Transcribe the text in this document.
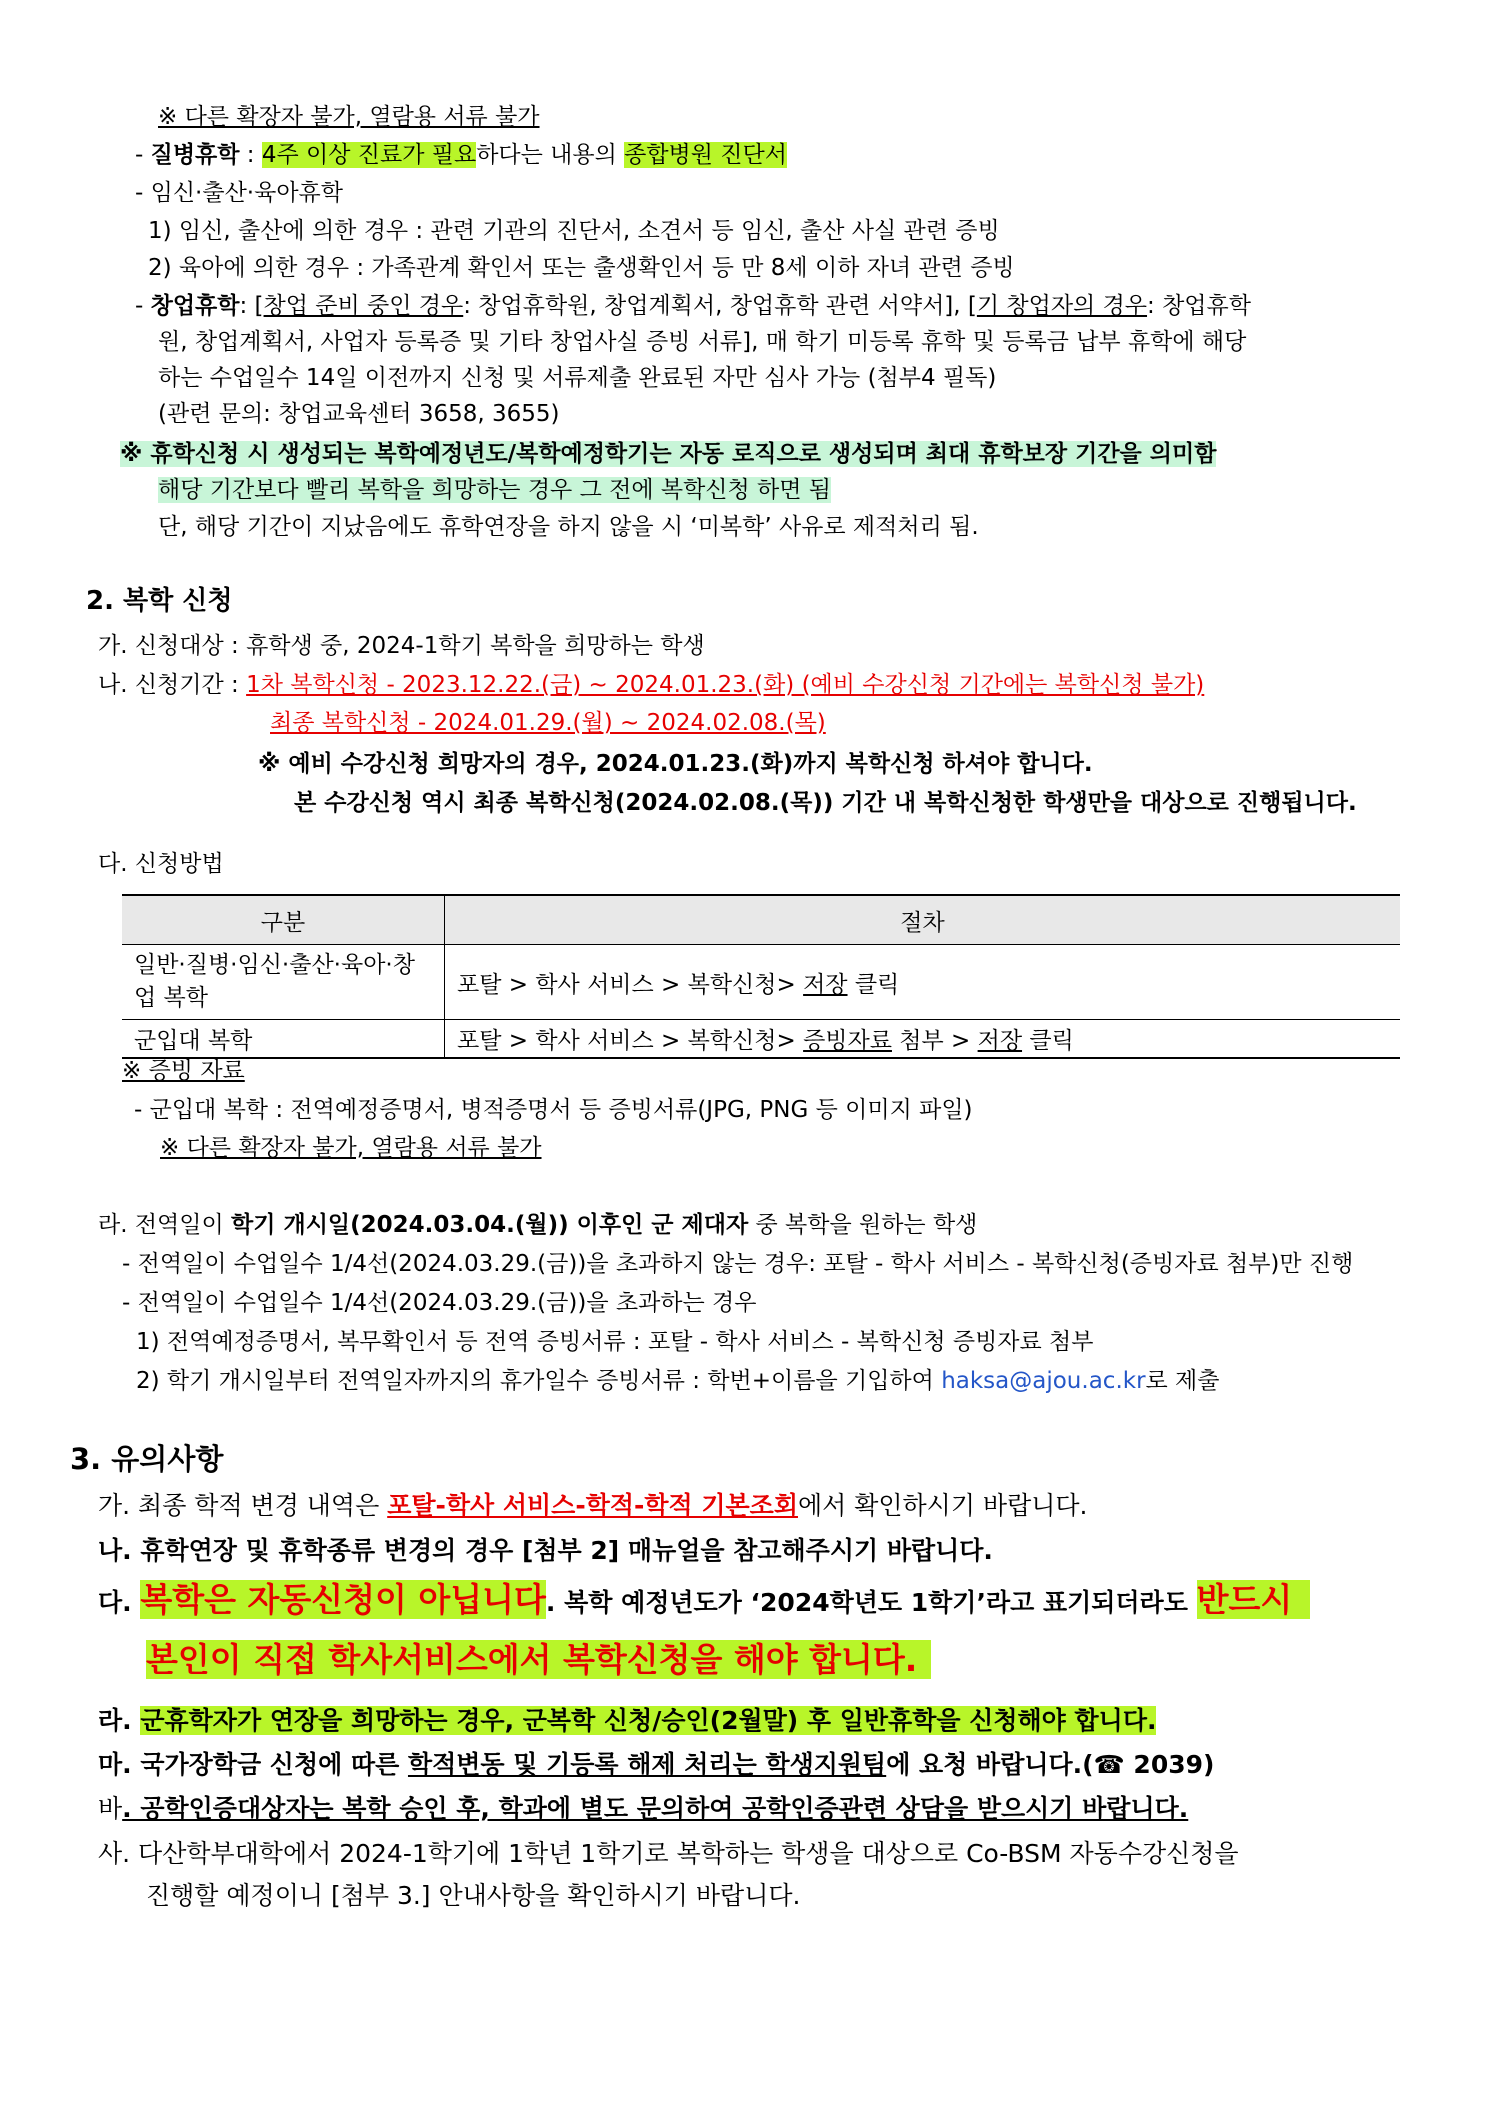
※ 다른 확장자 불가, 열람용 서류 불가
- 질병휴학 : 4주 이상 진료가 필요하다는 내용의 종합병원 진단서
- 임신·출산·육아휴학
1) 임신, 출산에 의한 경우 : 관련 기관의 진단서, 소견서 등 임신, 출산 사실 관련 증빙
2) 육아에 의한 경우 : 가족관계 확인서 또는 출생확인서 등 만 8세 이하 자녀 관련 증빙
- 창업휴학: [창업 준비 중인 경우: 창업휴학원, 창업계획서, 창업휴학 관련 서약서], [기 창업자의 경우: 창업휴학
원, 창업계획서, 사업자 등록증 및 기타 창업사실 증빙 서류], 매 학기 미등록 휴학 및 등록금 납부 휴학에 해당
하는 수업일수 14일 이전까지 신청 및 서류제출 완료된 자만 심사 가능 (첨부4 필독)
(관련 문의: 창업교육센터 3658, 3655)
※ 휴학신청 시 생성되는 복학예정년도/복학예정학기는 자동 로직으로 생성되며 최대 휴학보장 기간을 의미함
해당 기간보다 빨리 복학을 희망하는 경우 그 전에 복학신청 하면 됨
단, 해당 기간이 지났음에도 휴학연장을 하지 않을 시 ‘미복학’ 사유로 제적처리 됨.
2. 복학 신청
가. 신청대상 : 휴학생 중, 2024-1학기 복학을 희망하는 학생
나. 신청기간 : 1차 복학신청 - 2023.12.22.(금) ~ 2024.01.23.(화) (예비 수강신청 기간에는 복학신청 불가)
최종 복학신청 - 2024.01.29.(월) ~ 2024.02.08.(목)
※ 예비 수강신청 희망자의 경우, 2024.01.23.(화)까지 복학신청 하셔야 합니다.
본 수강신청 역시 최종 복학신청(2024.02.08.(목)) 기간 내 복학신청한 학생만을 대상으로 진행됩니다.
다. 신청방법
구분	절차
일반·질병·임신·출산·육아·창업 복학	포탈 > 학사 서비스 > 복학신청> 저장 클릭
군입대 복학	포탈 > 학사 서비스 > 복학신청> 증빙자료 첨부 > 저장 클릭
※ 증빙 자료
- 군입대 복학 : 전역예정증명서, 병적증명서 등 증빙서류(JPG, PNG 등 이미지 파일)
※ 다른 확장자 불가, 열람용 서류 불가
라. 전역일이 학기 개시일(2024.03.04.(월)) 이후인 군 제대자 중 복학을 원하는 학생
- 전역일이 수업일수 1/4선(2024.03.29.(금))을 초과하지 않는 경우: 포탈 - 학사 서비스 - 복학신청(증빙자료 첨부)만 진행
- 전역일이 수업일수 1/4선(2024.03.29.(금))을 초과하는 경우
1) 전역예정증명서, 복무확인서 등 전역 증빙서류 : 포탈 - 학사 서비스 - 복학신청 증빙자료 첨부
2) 학기 개시일부터 전역일자까지의 휴가일수 증빙서류 : 학번+이름을 기입하여 haksa@ajou.ac.kr로 제출
3. 유의사항
가. 최종 학적 변경 내역은 포탈-학사 서비스-학적-학적 기본조회에서 확인하시기 바랍니다.
나. 휴학연장 및 휴학종류 변경의 경우 [첨부 2] 매뉴얼을 참고해주시기 바랍니다.
다. 복학은 자동신청이 아닙니다. 복학 예정년도가 ‘2024학년도 1학기’라고 표기되더라도 반드시
본인이 직접 학사서비스에서 복학신청을 해야 합니다.
라. 군휴학자가 연장을 희망하는 경우, 군복학 신청/승인(2월말) 후 일반휴학을 신청해야 합니다.
마. 국가장학금 신청에 따른 학적변동 및 기등록 해제 처리는 학생지원팀에 요청 바랍니다.(☎ 2039)
바. 공학인증대상자는 복학 승인 후, 학과에 별도 문의하여 공학인증관련 상담을 받으시기 바랍니다.
사. 다산학부대학에서 2024-1학기에 1학년 1학기로 복학하는 학생을 대상으로 Co-BSM 자동수강신청을
진행할 예정이니 [첨부 3.] 안내사항을 확인하시기 바랍니다.
